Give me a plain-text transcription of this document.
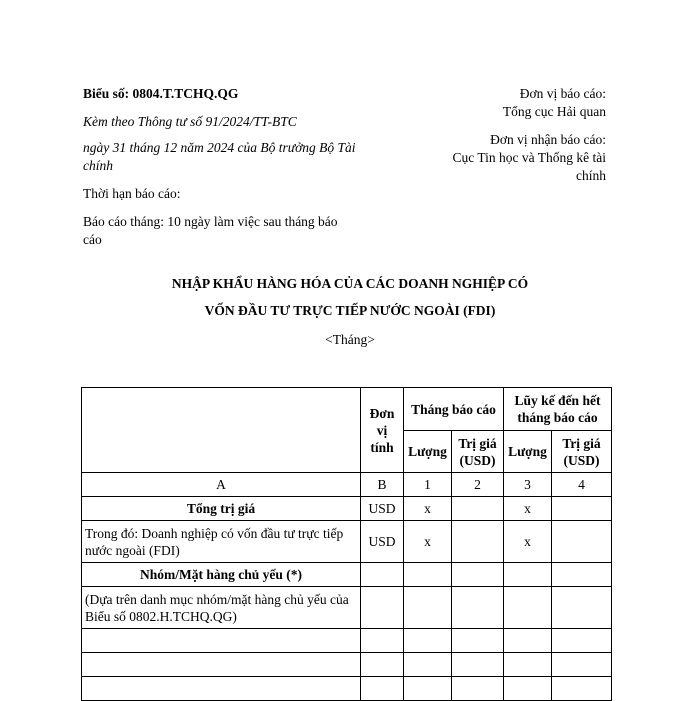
Biểu số: 0804.T.TCHQ.QG
Kèm theo Thông tư số 91/2024/TT-BTC
ngày 31 tháng 12 năm 2024 của Bộ trưởng Bộ Tài
chính
Thời hạn báo cáo:
Báo cáo tháng: 10 ngày làm việc sau tháng báo
cáo
Đơn vị báo cáo:
Tổng cục Hải quan
Đơn vị nhận báo cáo:
Cục Tin học và Thống kê tài
chính
NHẬP KHẨU HÀNG HÓA CỦA CÁC DOANH NGHIỆP CÓ
VỐN ĐẦU TƯ TRỰC TIẾP NƯỚC NGOÀI (FDI)
<Tháng>
	Đơn vị tính	Tháng báo cáo		Lũy kế đến hết tháng báo cáo	
		Lượng	Trị giá (USD)	Lượng	Trị giá (USD)
A	B	1	2	3	4
Tổng trị giá	USD	x		x	
Trong đó: Doanh nghiệp có vốn đầu tư trực tiếp nước ngoài (FDI)	USD	x		x	
Nhóm/Mặt hàng chủ yếu (*)					
(Dựa trên danh mục nhóm/mặt hàng chủ yếu của Biểu số 0802.H.TCHQ.QG)					
